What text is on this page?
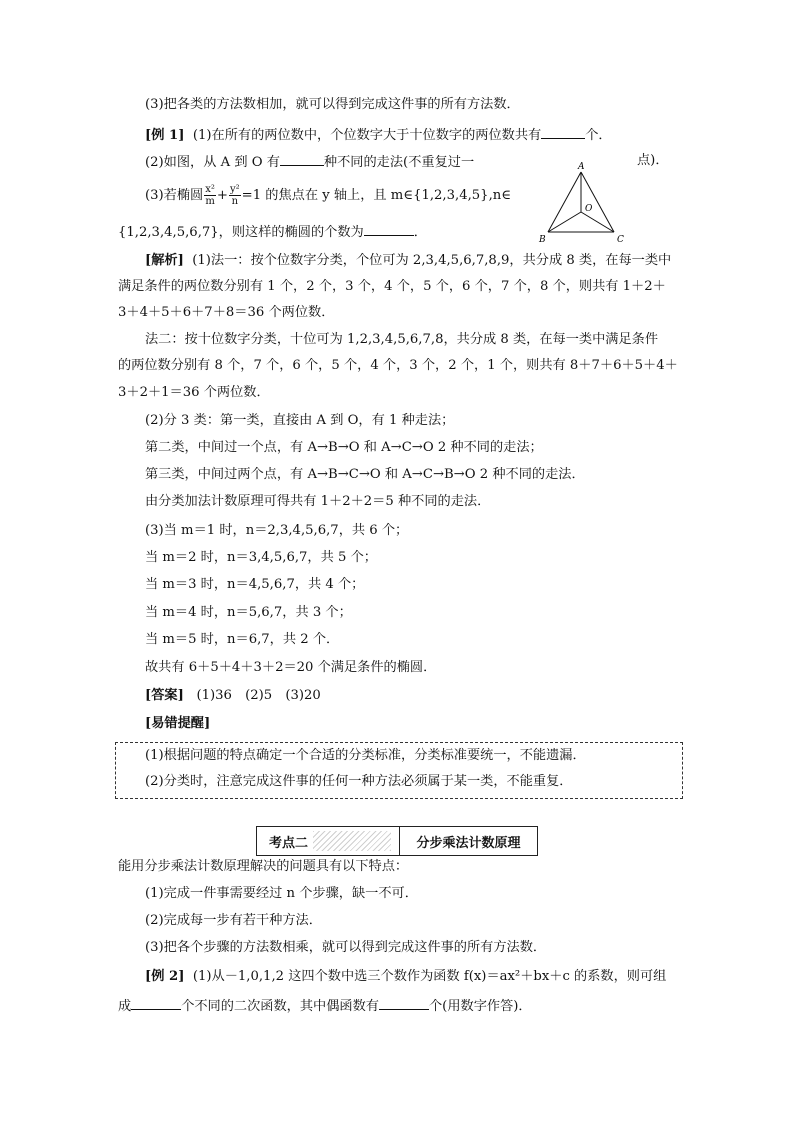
(3)把各类的方法数相加，就可以得到完成这件事的所有方法数．
[例 1] (1)在所有的两位数中，个位数字大于十位数字的两位数共有	个．
(2)如图，从 A 到 O 有	种不同的走法(不重复过一	点)．
(3)若椭圆 $\frac{\text{x²}}{m} + \frac{\text{y²}}{n} =1$ 的焦点在 y 轴上，且 m∈{1,2,3,4,5},n∈
{1,2,3,4,5,6,7}，则这样的椭圆的个数为	．
A
B	C
O
[解析] (1)法一：按个位数字分类，个位可为 2,3,4,5,6,7,8,9，共分成 8 类，在每一类中
满足条件的两位数分别有 1 个，2 个，3 个，4 个，5 个，6 个，7 个，8 个，则共有 1＋2＋
3＋4＋5＋6＋7＋8＝36 个两位数．
法二：按十位数字分类，十位可为 1,2,3,4,5,6,7,8，共分成 8 类，在每一类中满足条件
的两位数分别有 8 个，7 个，6 个，5 个，4 个，3 个，2 个，1 个，则共有 8＋7＋6＋5＋4＋
3＋2＋1＝36 个两位数．
(2)分 3 类：第一类，直接由 A 到 O，有 1 种走法；
第二类，中间过一个点，有 A→B→O 和 A→C→O 2 种不同的走法；
第三类，中间过两个点，有 A→B→C→O 和 A→C→B→O 2 种不同的走法．
由分类加法计数原理可得共有 1＋2＋2＝5 种不同的走法．
(3)当 m＝1 时，n＝2,3,4,5,6,7，共 6 个；
当 m＝2 时，n＝3,4,5,6,7，共 5 个；
当 m＝3 时，n＝4,5,6,7，共 4 个；
当 m＝4 时，n＝5,6,7，共 3 个；
当 m＝5 时，n＝6,7，共 2 个．
故共有 6＋5＋4＋3＋2＝20 个满足条件的椭圆．
[答案] (1)36　(2)5　(3)20
[易错提醒]
(1)根据问题的特点确定一个合适的分类标准，分类标准要统一，不能遗漏．
(2)分类时，注意完成这件事的任何一种方法必须属于某一类，不能重复．
考点二	分步乘法计数原理
能用分步乘法计数原理解决的问题具有以下特点：
(1)完成一件事需要经过 n 个步骤，缺一不可．
(2)完成每一步有若干种方法．
(3)把各个步骤的方法数相乘，就可以得到完成这件事的所有方法数．
[例 2] (1)从－1,0,1,2 这四个数中选三个数作为函数 f(x)＝ax²＋bx＋c 的系数，则可组
成	个不同的二次函数，其中偶函数有	个(用数字作答)．
